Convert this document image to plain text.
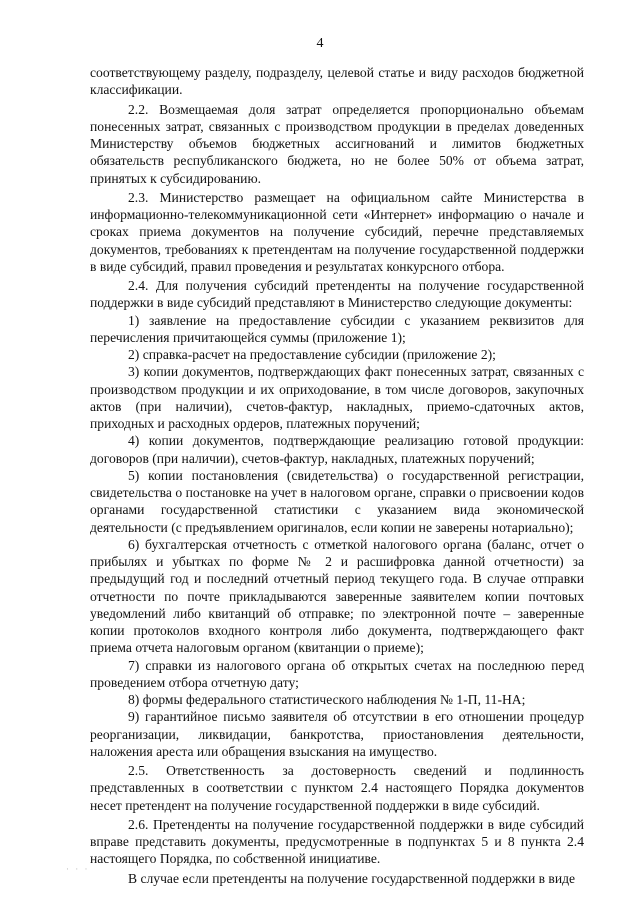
4

соответствующему разделу, подразделу, целевой статье и виду расходов бюджетной классификации.

2.2. Возмещаемая доля затрат определяется пропорционально объемам понесенных затрат, связанных с производством продукции в пределах доведенных Министерству объемов бюджетных ассигнований и лимитов бюджетных обязательств республиканского бюджета, но не более 50% от объема затрат, принятых к субсидированию.

2.3. Министерство размещает на официальном сайте Министерства в информационно-телекоммуникационной сети «Интернет» информацию о начале и сроках приема документов на получение субсидий, перечне представляемых документов, требованиях к претендентам на получение государственной поддержки в виде субсидий, правил проведения и результатах конкурсного отбора.

2.4. Для получения субсидий претенденты на получение государственной поддержки в виде субсидий представляют в Министерство следующие документы:

1) заявление на предоставление субсидии с указанием реквизитов для перечисления причитающейся суммы (приложение 1);

2) справка-расчет на предоставление субсидии (приложение 2);

3) копии документов, подтверждающих факт понесенных затрат, связанных с производством продукции и их оприходование, в том числе договоров, закупочных актов (при наличии), счетов-фактур, накладных, приемо-сдаточных актов, приходных и расходных ордеров, платежных поручений;

4) копии документов, подтверждающие реализацию готовой продукции: договоров (при наличии), счетов-фактур, накладных, платежных поручений;

5) копии постановления (свидетельства) о государственной регистрации, свидетельства о постановке на учет в налоговом органе, справки о присвоении кодов органами государственной статистики с указанием вида экономической деятельности (с предъявлением оригиналов, если копии не заверены нотариально);

6) бухгалтерская отчетность с отметкой налогового органа (баланс, отчет о прибылях и убытках по форме № 2 и расшифровка данной отчетности) за предыдущий год и последний отчетный период текущего года. В случае отправки отчетности по почте прикладываются заверенные заявителем копии почтовых уведомлений либо квитанций об отправке; по электронной почте – заверенные копии протоколов входного контроля либо документа, подтверждающего факт приема отчета налоговым органом (квитанции о приеме);

7) справки из налогового органа об открытых счетах на последнюю перед проведением отбора отчетную дату;

8) формы федерального статистического наблюдения № 1-П, 11-НА;

9) гарантийное письмо заявителя об отсутствии в его отношении процедур реорганизации, ликвидации, банкротства, приостановления деятельности, наложения ареста или обращения взыскания на имущество.

2.5. Ответственность за достоверность сведений и подлинность представленных в соответствии с пунктом 2.4 настоящего Порядка документов несет претендент на получение государственной поддержки в виде субсидий.

2.6. Претенденты на получение государственной поддержки в виде субсидий вправе представить документы, предусмотренные в подпунктах 5 и 8 пункта 2.4 настоящего Порядка, по собственной инициативе.

В случае если претенденты на получение государственной поддержки в виде

· · ·
